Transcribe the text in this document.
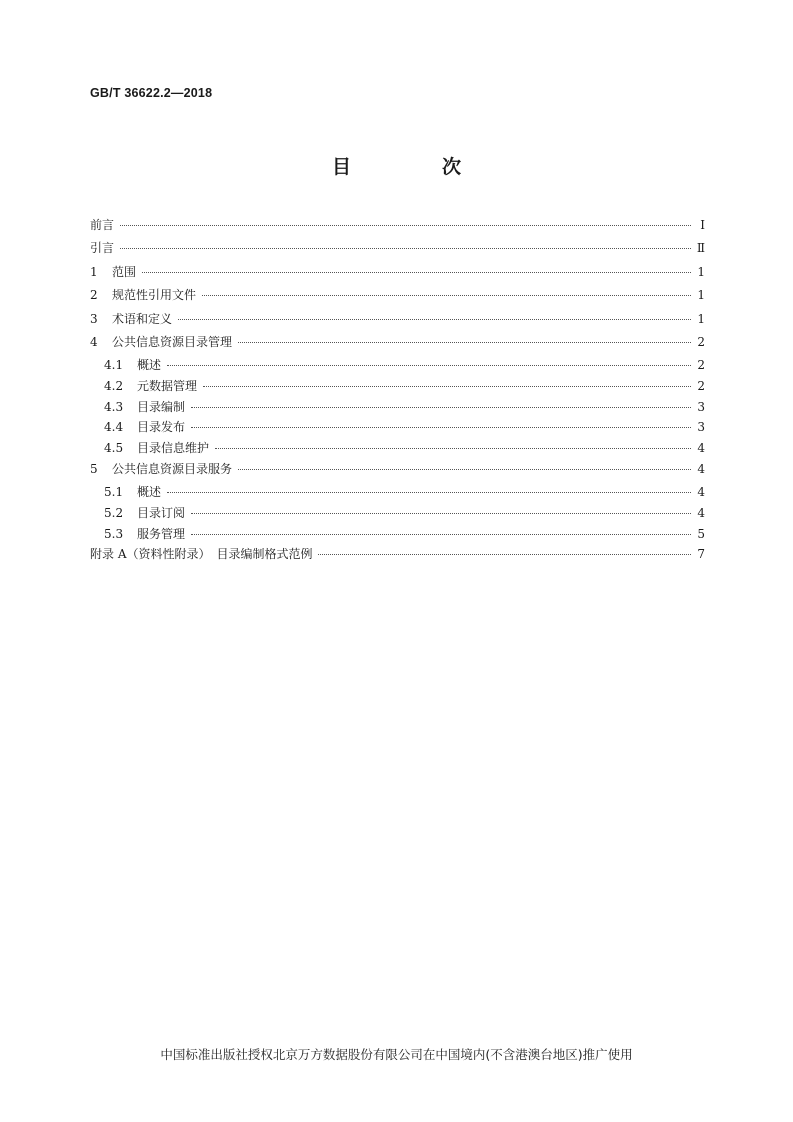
GB/T 36622.2—2018
目　次
前言	Ⅰ
引言	Ⅱ
1 范围	1
2 规范性引用文件	1
3 术语和定义	1
4 公共信息资源目录管理	2
4.1 概述	2
4.2 元数据管理	2
4.3 目录编制	3
4.4 目录发布	3
4.5 目录信息维护	4
5 公共信息资源目录服务	4
5.1 概述	4
5.2 目录订阅	4
5.3 服务管理	5
附录 A（资料性附录）　目录编制格式范例	7
中国标准出版社授权北京万方数据股份有限公司在中国境内(不含港澳台地区)推广使用
